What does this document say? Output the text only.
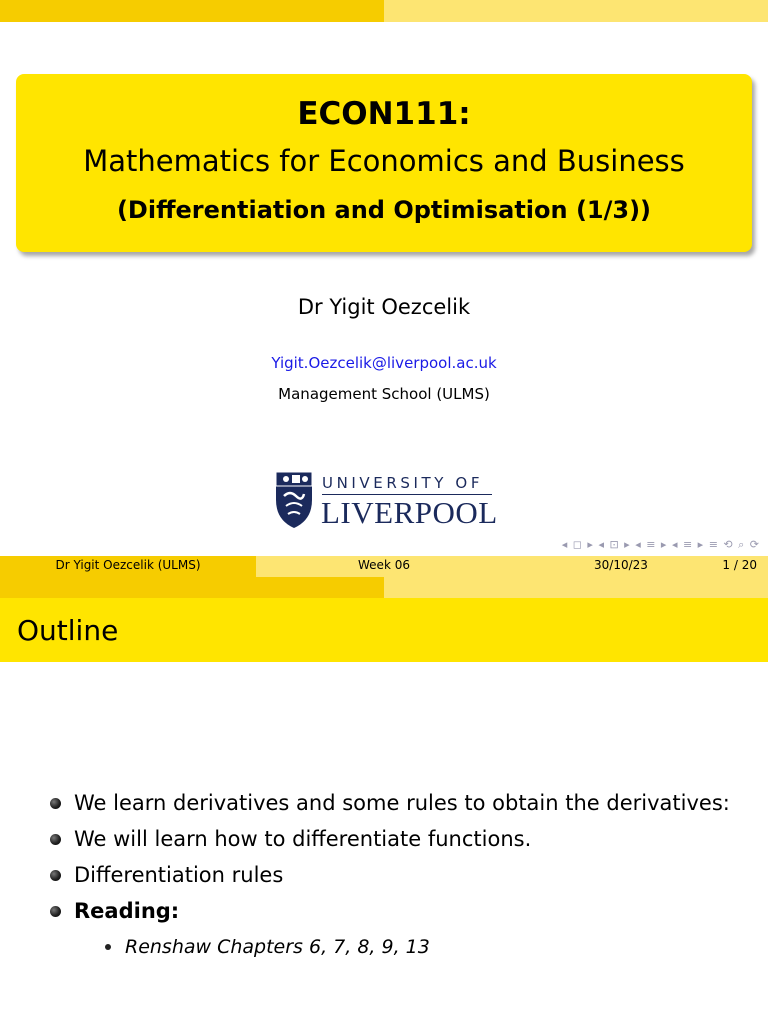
ECON111:
Mathematics for Economics and Business
(Differentiation and Optimisation (1/3))
Dr Yigit Oezcelik
Yigit.Oezcelik@liverpool.ac.uk
Management School (ULMS)
UNIVERSITY OF
LIVERPOOL
◂ ◻ ▸ ◂ ⊡ ▸ ◂ ≡ ▸ ◂ ≡ ▸ ≡ ⟲ ⌕ ⟳
Dr Yigit Oezcelik (ULMS)	Week 06	30/10/23	1 / 20
Outline
We learn derivatives and some rules to obtain the derivatives:
We will learn how to differentiate functions.
Differentiation rules
Reading:
Renshaw Chapters 6, 7, 8, 9, 13
